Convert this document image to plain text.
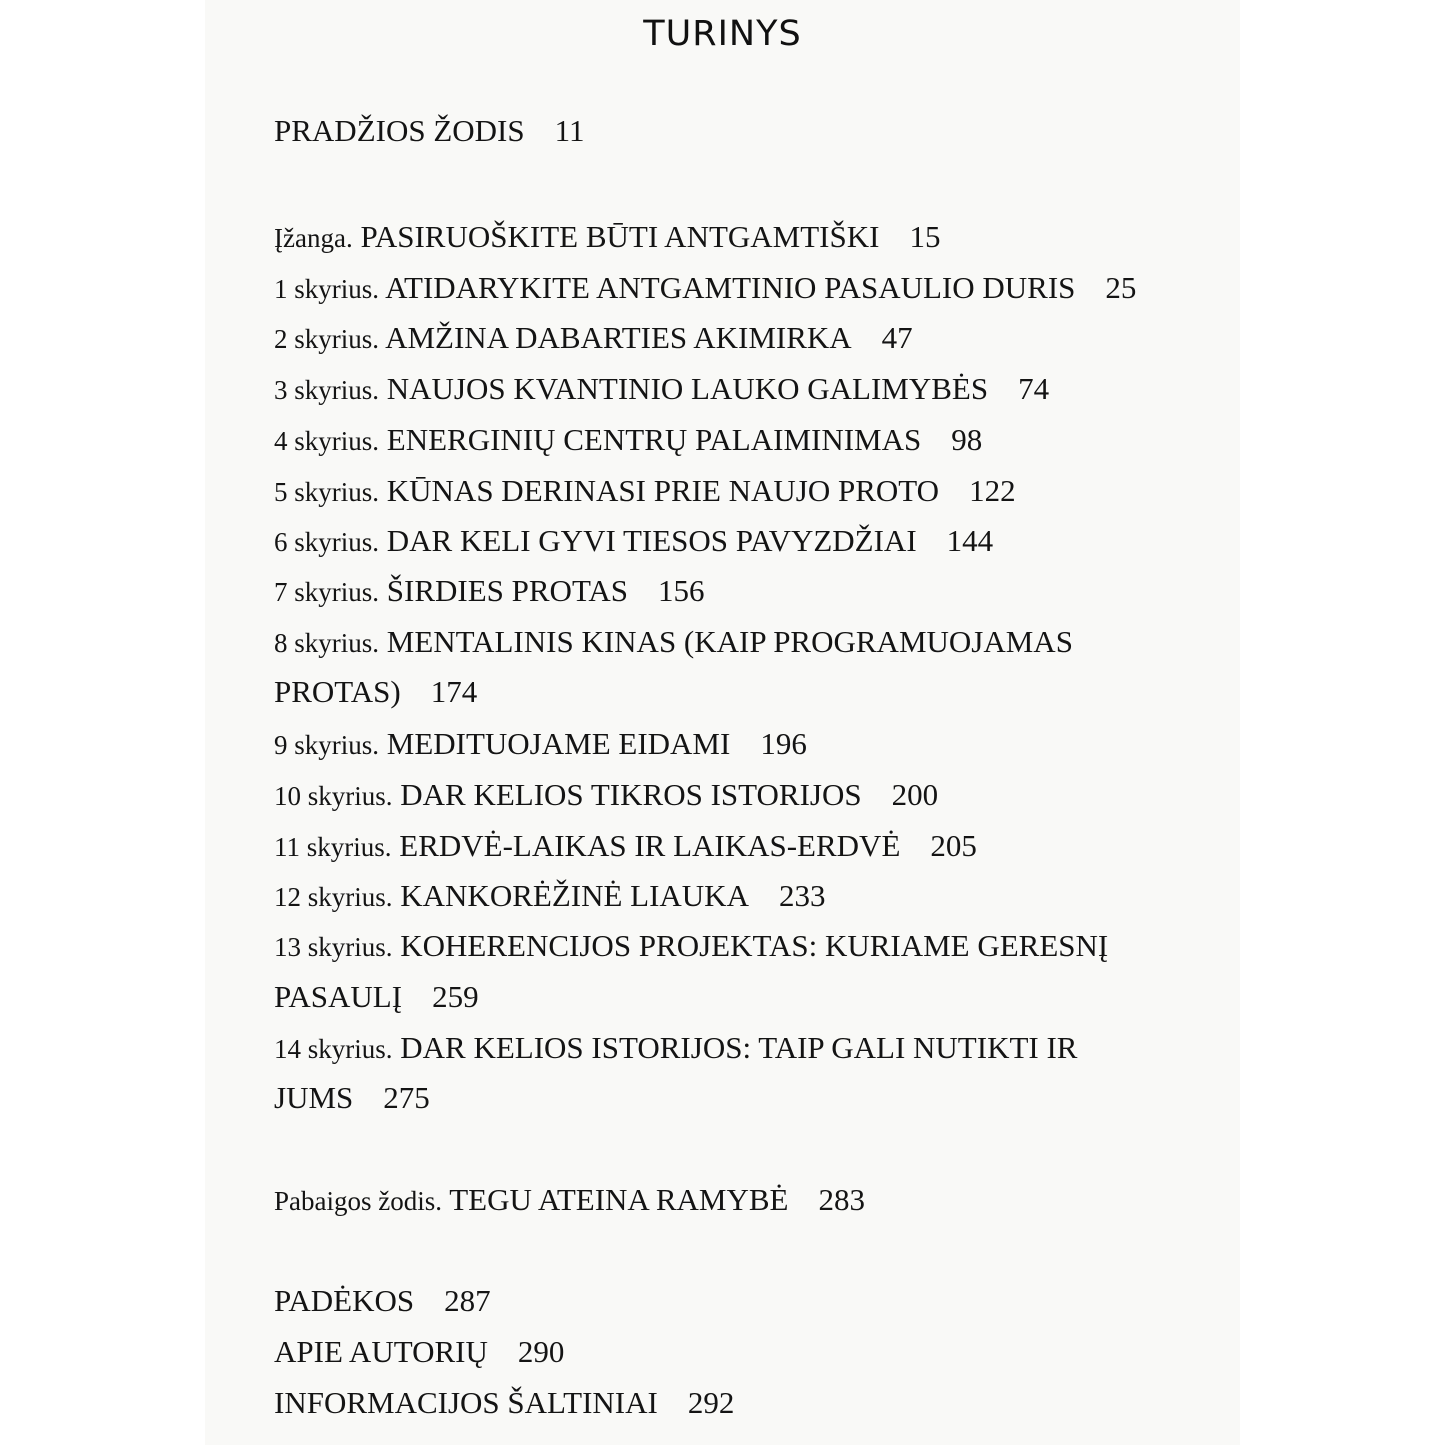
TURINYS
PRADŽIOS ŽODIS 11
Įžanga. PASIRUOŠKITE BŪTI ANTGAMTIŠKI 15
1 skyrius. ATIDARYKITE ANTGAMTINIO PASAULIO DURIS 25
2 skyrius. AMŽINA DABARTIES AKIMIRKA 47
3 skyrius. NAUJOS KVANTINIO LAUKO GALIMYBĖS 74
4 skyrius. ENERGINIŲ CENTRŲ PALAIMINIMAS 98
5 skyrius. KŪNAS DERINASI PRIE NAUJO PROTO 122
6 skyrius. DAR KELI GYVI TIESOS PAVYZDŽIAI 144
7 skyrius. ŠIRDIES PROTAS 156
8 skyrius. MENTALINIS KINAS (KAIP PROGRAMUOJAMAS
PROTAS) 174
9 skyrius. MEDITUOJAME EIDAMI 196
10 skyrius. DAR KELIOS TIKROS ISTORIJOS 200
11 skyrius. ERDVĖ-LAIKAS IR LAIKAS-ERDVĖ 205
12 skyrius. KANKORĖŽINĖ LIAUKA 233
13 skyrius. KOHERENCIJOS PROJEKTAS: KURIAME GERESNĮ
PASAULĮ 259
14 skyrius. DAR KELIOS ISTORIJOS: TAIP GALI NUTIKTI IR
JUMS 275
Pabaigos žodis. TEGU ATEINA RAMYBĖ 283
PADĖKOS 287
APIE AUTORIŲ 290
INFORMACIJOS ŠALTINIAI 292
